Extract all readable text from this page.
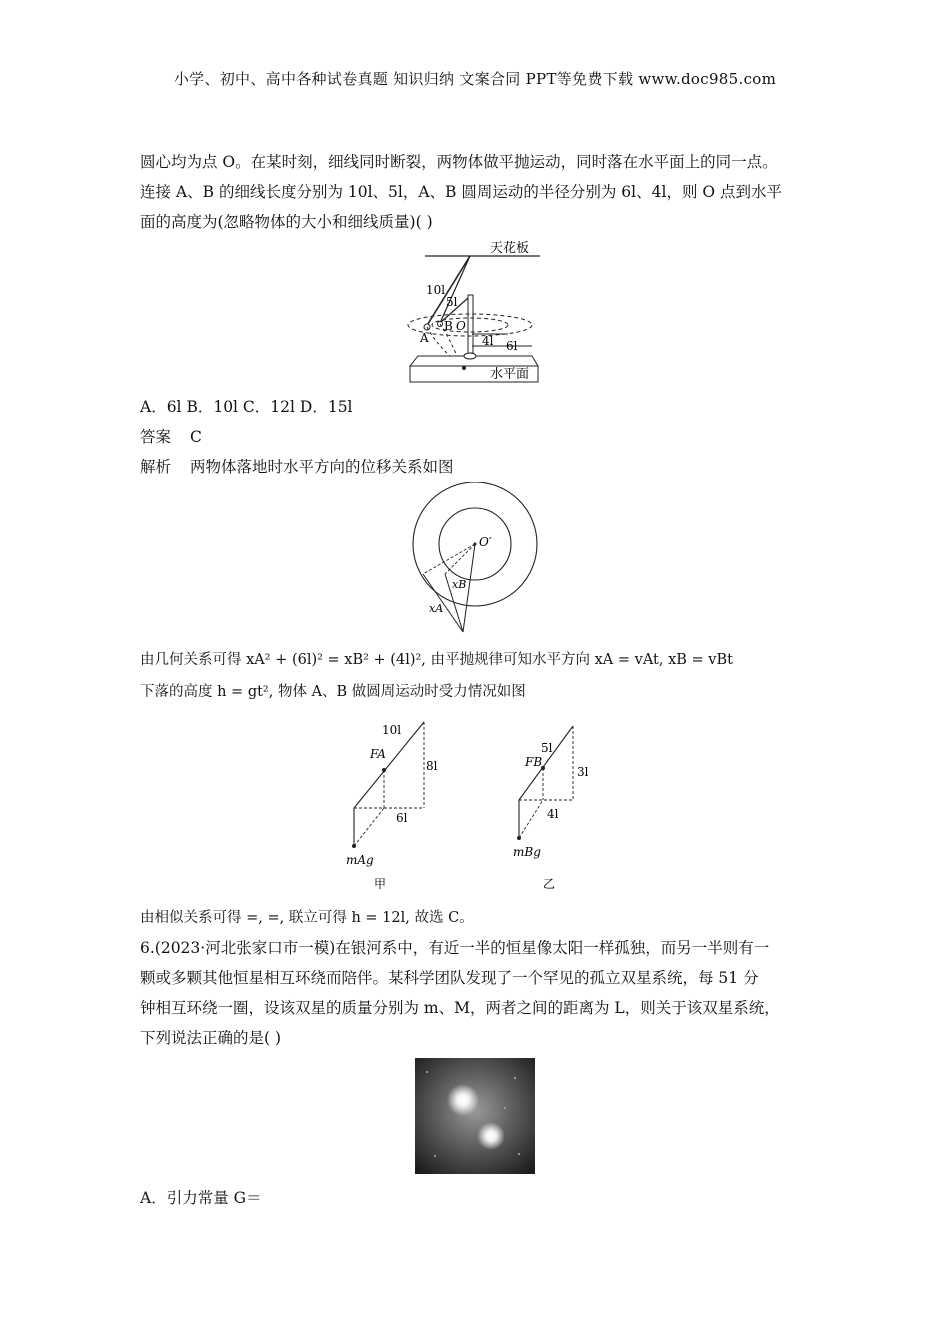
小学、初中、高中各种试卷真题 知识归纳 文案合同 PPT等免费下载 www.doc985.com
圆心均为点 O。在某时刻，细线同时断裂，两物体做平抛运动，同时落在水平面上的同一点。
连接 A、B 的细线长度分别为 10l、5l，A、B 圆周运动的半径分别为 6l、4l，则 O 点到水平
面的高度为(忽略物体的大小和细线质量)( )
天花板
10l
5l
A
B O
4l 6l
水平面
A．6l B．10l C．12l D．15l
答案 C
解析 两物体落地时水平方向的位移关系如图
O′
xB
xA
由几何关系可得 xA² + (6l)² = xB² + (4l)², 由平抛规律可知水平方向 xA = vAt, xB = vBt
下落的高度 h = gt², 物体 A、B 做圆周运动时受力情况如图
10l
FA
8l
6l
mAg
甲
5l
FB
3l
4l
mBg
乙
由相似关系可得 =, =, 联立可得 h = 12l, 故选 C。
6.(2023·河北张家口市一模)在银河系中，有近一半的恒星像太阳一样孤独，而另一半则有一
颗或多颗其他恒星相互环绕而陪伴。某科学团队发现了一个罕见的孤立双星系统，每 51 分
钟相互环绕一圈，设该双星的质量分别为 m、M，两者之间的距离为 L，则关于该双星系统，
下列说法正确的是( )
A．引力常量 G＝
